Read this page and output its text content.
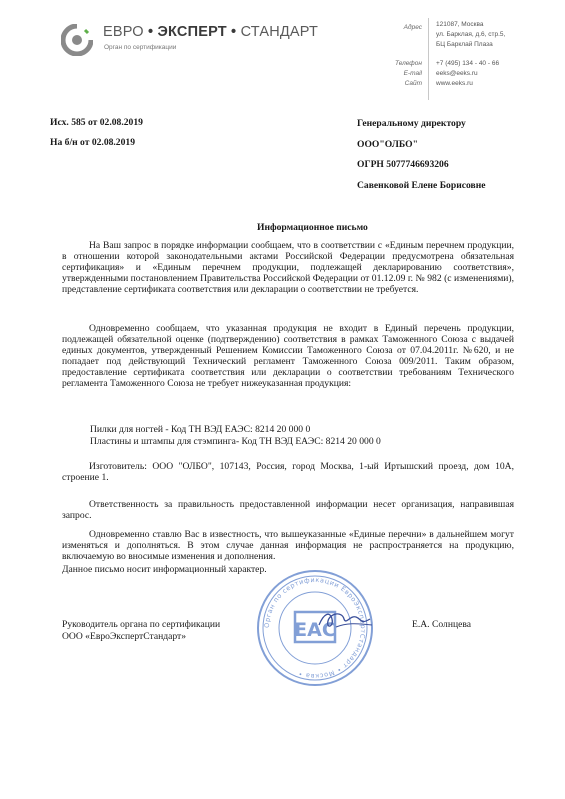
ЕВРО • ЭКСПЕРТ • СТАНДАРТ
Орган по сертификации
Адрес 121087, Москва
ул. Барклая, д.6, стр.5,
БЦ Барклай Плаза
Телефон
E-mail
Сайт
+7 (495) 134 - 40 - 66
eeks@eeks.ru
www.eeks.ru
Исх. 585 от 02.08.2019
На б/н от 02.08.2019
Генеральному директору
ООО"ОЛБО"
ОГРН 5077746693206
Савенковой Елене Борисовне
Информационное письмо
На Ваш запрос в порядке информации сообщаем, что в соответствии с «Единым перечнем продукции, в отношении которой законодательными актами Российской Федерации предусмотрена обязательная сертификация» и «Единым перечнем продукции, подлежащей декларированию соответствия», утвержденными постановлением Правительства Российской Федерации от 01.12.09 г. № 982 (с изменениями), представление сертификата соответствия или декларации о соответствии не требуется.
Одновременно сообщаем, что указанная продукция не входит в Единый перечень продукции, подлежащей обязательной оценке (подтверждению) соответствия в рамках Таможенного Союза с выдачей единых документов, утвержденный Решением Комиссии Таможенного Союза от 07.04.2011г. №620, и не попадает под действующий Технический регламент Таможенного Союза 009/2011. Таким образом, предоставление сертификата соответствия или декларации о соответствии требованиям Технического регламента Таможенного Союза не требует нижеуказанная продукция:
Пилки для ногтей - Код ТН ВЭД ЕАЭС: 8214 20 000 0
Пластины и штампы для стэмпинга- Код ТН ВЭД ЕАЭС: 8214 20 000 0
Изготовитель: ООО "ОЛБО", 107143, Россия, город Москва, 1-ый Иртышский проезд, дом 10А, строение 1.
Ответственность за правильность предоставленной информации несет организация, направившая запрос.
Одновременно ставлю Вас в известность, что вышеуказанные «Единые перечни» в дальнейшем могут изменяться и дополняться. В этом случае данная информация не распространяется на продукцию, включаемую во вносимые изменения и дополнения.
Данное письмо носит информационный характер.
Руководитель органа по сертификации
ООО «ЕвроЭкспертСтандарт»
Е.А. Солнцева
Орган по сертификации ЕвроЭкспертСтандарт • Москва •
ЕАС
